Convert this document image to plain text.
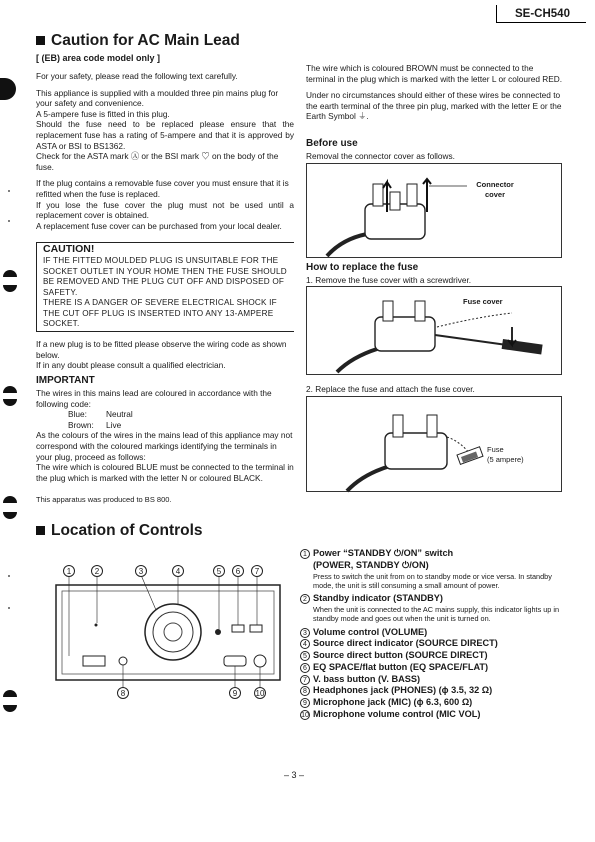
SE-CH540
Caution for AC Main Lead
[ (EB) area code model only ]

For your safety, please read the following text carefully.

This appliance is supplied with a moulded three pin mains plug for your safety and convenience.

A 5-ampere fuse is fitted in this plug.

Should the fuse need to be replaced please ensure that the replacement fuse has a rating of 5-ampere and that it is approved by ASTA or BSI to BS1362.

Check for the ASTA mark Ⓐ or the BSI mark ♡ on the body of the fuse.

If the plug contains a removable fuse cover you must ensure that it is refitted when the fuse is replaced.

If you lose the fuse cover the plug must not be used until a replacement cover is obtained.

A replacement fuse cover can be purchased from your local dealer.

CAUTION!
IF THE FITTED MOULDED PLUG IS UNSUITABLE FOR THE SOCKET OUTLET IN YOUR HOME THEN THE FUSE SHOULD BE REMOVED AND THE PLUG CUT OFF AND DISPOSED OF SAFETY.
THERE IS A DANGER OF SEVERE ELECTRICAL SHOCK IF THE CUT OFF PLUG IS INSERTED INTO ANY 13-AMPERE SOCKET.

If a new plug is to be fitted please observe the wiring code as shown below.

If in any doubt please consult a qualified electrician.

IMPORTANT

The wires in this mains lead are coloured in accordance with the following code:

Blue:	Neutral
Brown:	Live

As the colours of the wires in the mains lead of this appliance may not correspond with the coloured markings identifying the terminals in your plug, proceed as follows:

The wire which is coloured BLUE must be connected to the terminal in the plug which is marked with the letter N or coloured BLACK.

This apparatus was produced to BS 800.

The wire which is coloured BROWN must be connected to the terminal in the plug which is marked with the letter L or coloured RED.

Under no circumstances should either of these wires be connected to the earth terminal of the three pin plug, marked with the letter E or the Earth Symbol ⏚.

Before use
Removal the connector cover as follows.
Connector cover
How to replace the fuse
1. Remove the fuse cover with a screwdriver.
Fuse cover
2. Replace the fuse and attach the fuse cover.
Fuse
(5 ampere)
Location of Controls
1	2	3	4	5	6	7
8	9	10
1 Power “STANDBY ⏻/ON” switch
(POWER, STANDBY ⏻/ON)
Press to switch the unit from on to standby mode or vice versa. In standby mode, the unit is still consuming a small amount of power.
2 Standby indicator (STANDBY)
When the unit is connected to the AC mains supply, this indicator lights up in standby mode and goes out when the unit is turned on.
3 Volume control (VOLUME)
4 Source direct indicator (SOURCE DIRECT)
5 Source direct button (SOURCE DIRECT)
6 EQ SPACE/flat button (EQ SPACE/FLAT)
7 V. bass button (V. BASS)
8 Headphones jack (PHONES) (ϕ 3.5, 32 Ω)
9 Microphone jack (MIC) (ϕ 6.3, 600 Ω)
10 Microphone volume control (MIC VOL)
– 3 –
